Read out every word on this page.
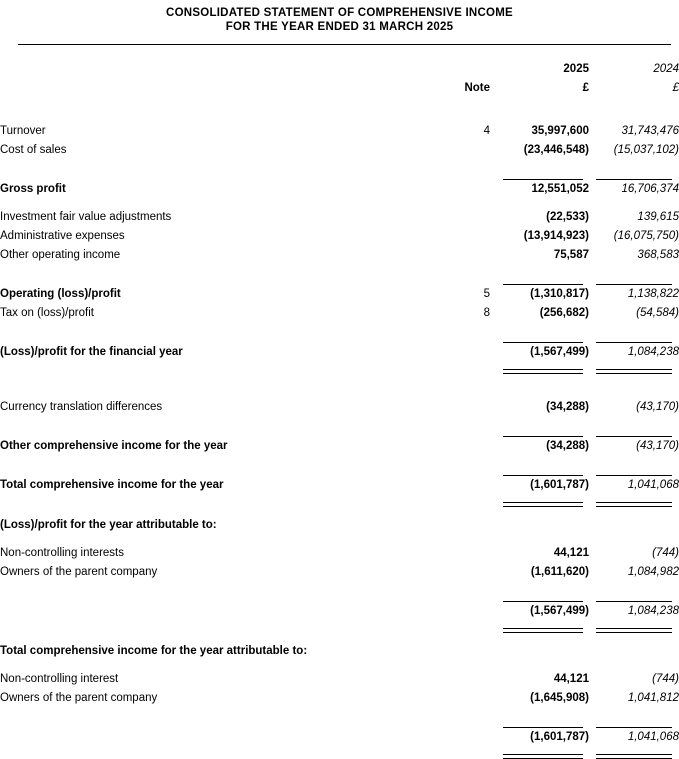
CONSOLIDATED STATEMENT OF COMPREHENSIVE INCOME
FOR THE YEAR ENDED 31 MARCH 2025
		2025	2024
	Note	£	£

Turnover	4	35,997,600	31,743,476
Cost of sales		(23,446,548)	(15,037,102)

Gross profit		12,551,052	16,706,374

Investment fair value adjustments		(22,533)	139,615
Administrative expenses		(13,914,923)	(16,075,750)
Other operating income		75,587	368,583

Operating (loss)/profit	5	(1,310,817)	1,138,822
Tax on (loss)/profit	8	(256,682)	(54,584)

(Loss)/profit for the financial year		(1,567,499)	1,084,238

Currency translation differences		(34,288)	(43,170)

Other comprehensive income for the year		(34,288)	(43,170)

Total comprehensive income for the year		(1,601,787)	1,041,068

(Loss)/profit for the year attributable to:			

Non-controlling interests		44,121	(744)
Owners of the parent company		(1,611,620)	1,084,982

		(1,567,499)	1,084,238

Total comprehensive income for the year attributable to:			

Non-controlling interest		44,121	(744)
Owners of the parent company		(1,645,908)	1,041,812

		(1,601,787)	1,041,068
